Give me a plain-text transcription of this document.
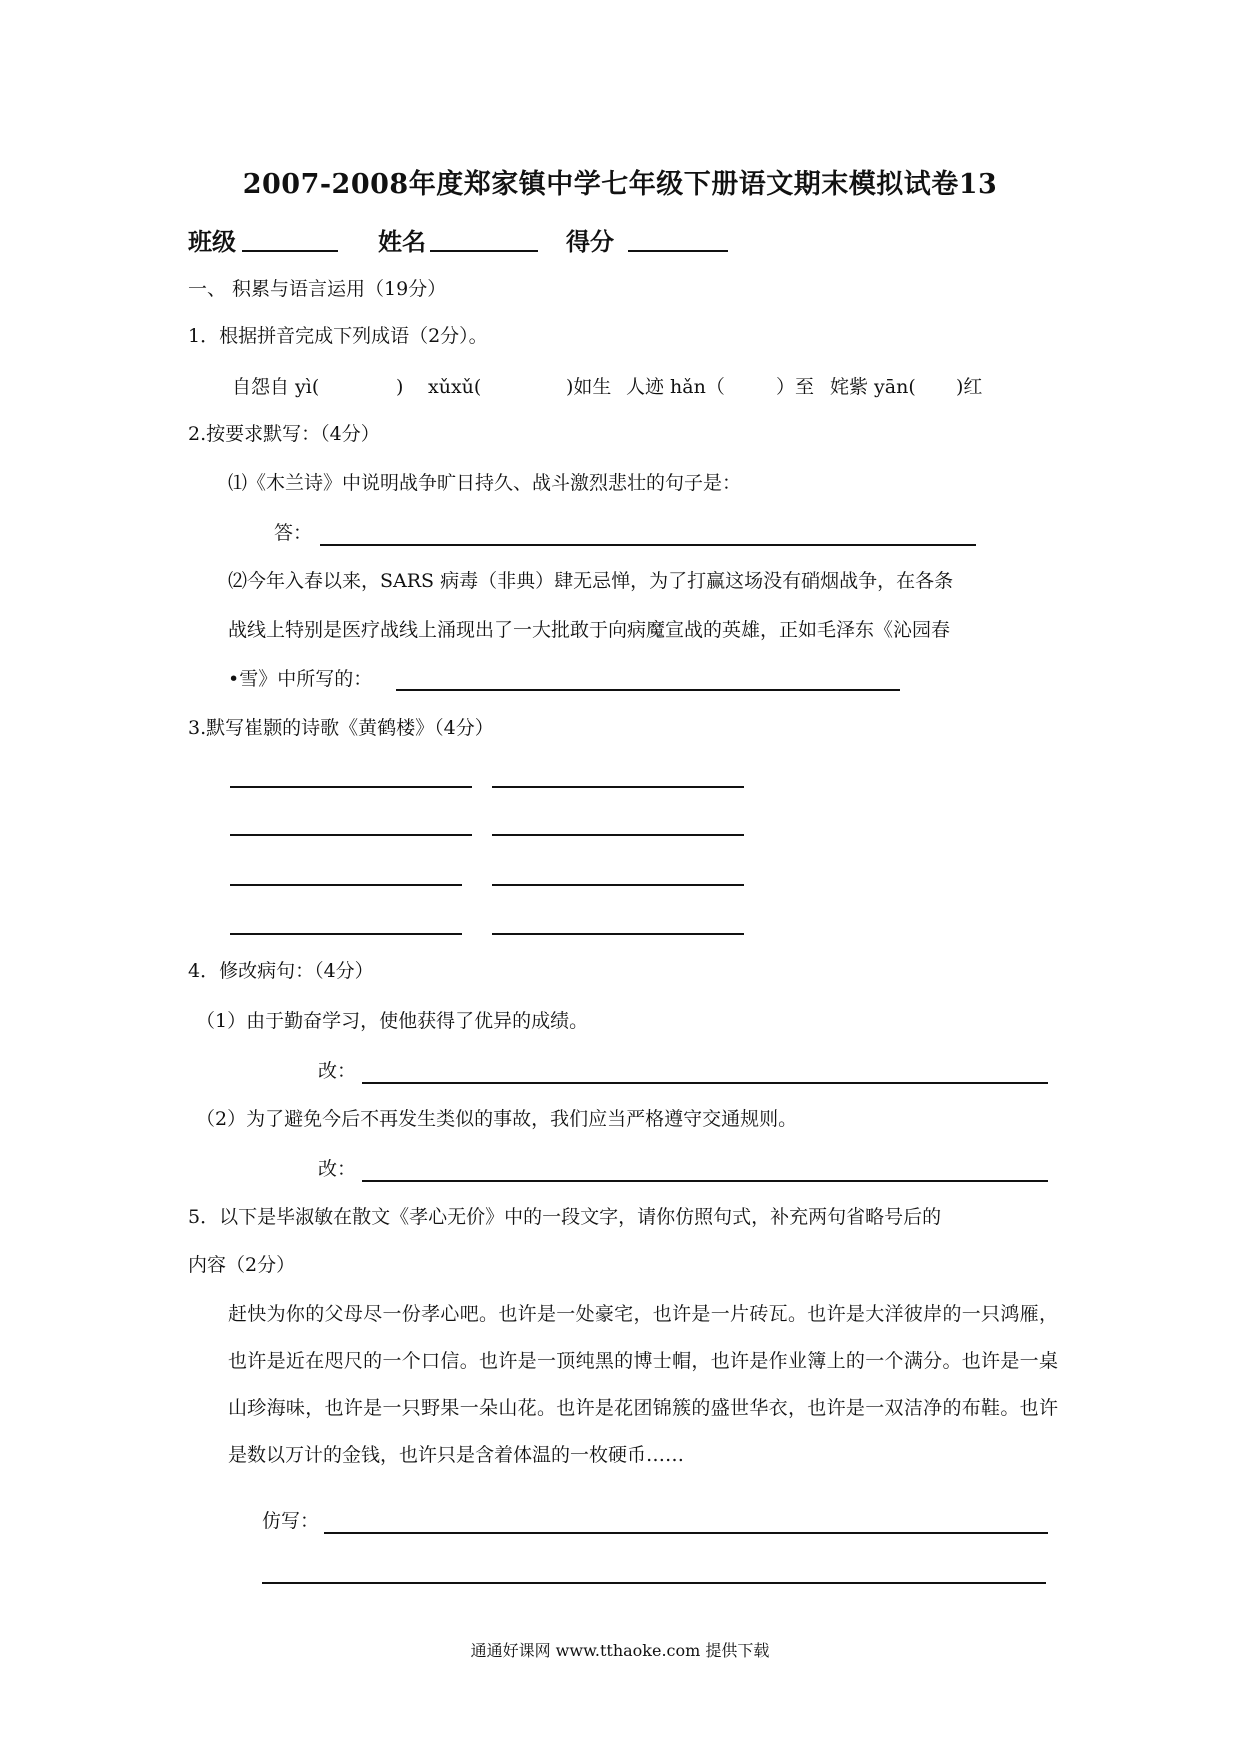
2007-2008年度郑家镇中学七年级下册语文期末模拟试卷13
班级	姓名	得分
一、 积累与语言运用（19分）
1．根据拼音完成下列成语（2分）。
自怨自 yì(	) xǔxǔ(	)如生 人迹 hǎn（	）至 姹紫 yān( )红
2.按要求默写：（4分）
⑴《木兰诗》中说明战争旷日持久、战斗激烈悲壮的句子是：
答：
⑵今年入春以来，SARS 病毒（非典）肆无忌惮，为了打赢这场没有硝烟战争，在各条
战线上特别是医疗战线上涌现出了一大批敢于向病魔宣战的英雄，正如毛泽东《沁园春
•雪》中所写的：
3.默写崔颢的诗歌《黄鹤楼》（4分）
4．修改病句：（4分）
（1）由于勤奋学习，使他获得了优异的成绩。
改：
（2）为了避免今后不再发生类似的事故，我们应当严格遵守交通规则。
改：
5．以下是毕淑敏在散文《孝心无价》中的一段文字，请你仿照句式，补充两句省略号后的
内容（2分）
赶快为你的父母尽一份孝心吧。也许是一处豪宅，也许是一片砖瓦。也许是大洋彼岸的一只鸿雁，也许是近在咫尺的一个口信。也许是一顶纯黑的博士帽，也许是作业簿上的一个满分。也许是一桌山珍海味，也许是一只野果一朵山花。也许是花团锦簇的盛世华衣，也许是一双洁净的布鞋。也许是数以万计的金钱，也许只是含着体温的一枚硬币……
仿写：
通通好课网 www.tthaoke.com 提供下载
